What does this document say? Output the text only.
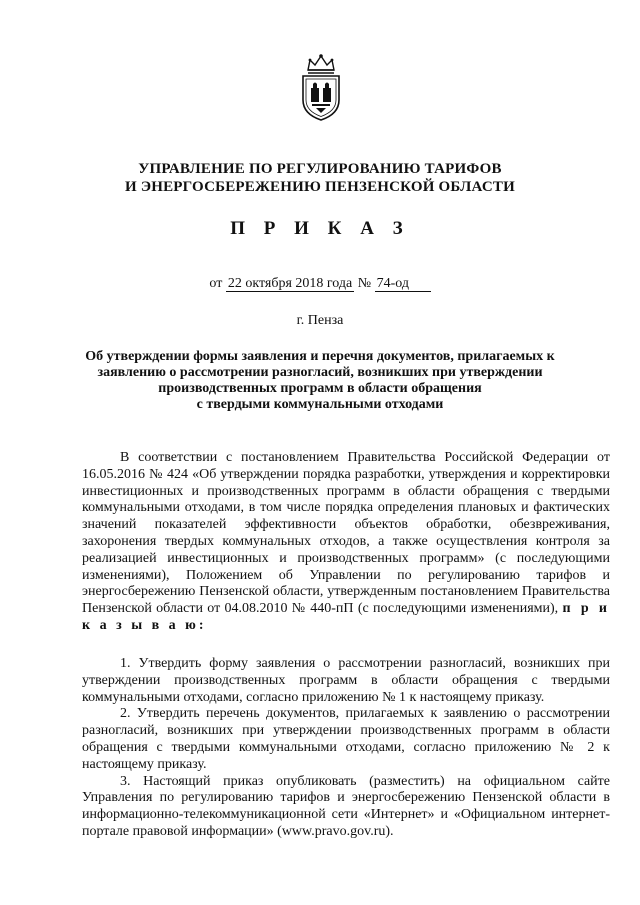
УПРАВЛЕНИЕ ПО РЕГУЛИРОВАНИЮ ТАРИФОВ
И ЭНЕРГОСБЕРЕЖЕНИЮ ПЕНЗЕНСКОЙ ОБЛАСТИ
П Р И К А З
от 22 октября 2018 года № 74-од
г. Пенза
Об утверждении формы заявления и перечня документов, прилагаемых к
заявлению о рассмотрении разногласий, возникших при утверждении
производственных программ в области обращения
с твердыми коммунальными отходами

В соответствии с постановлением Правительства Российской Федерации от 16.05.2016 № 424 «Об утверждении порядка разработки, утверждения и корректировки инвестиционных и производственных программ в области обращения с твердыми коммунальными отходами, в том числе порядка определения плановых и фактических значений показателей эффективности объектов обработки, обезвреживания, захоронения твердых коммунальных отходов, а также осуществления контроля за реализацией инвестиционных и производственных программ» (с последующими изменениями), Положением об Управлении по регулированию тарифов и энергосбережению Пензенской области, утвержденным постановлением Правительства Пензенской области от 04.08.2010 № 440-пП (с последующими изменениями), п р и к а з ы в а ю:

1. Утвердить форму заявления о рассмотрении разногласий, возникших при утверждении производственных программ в области обращения с твердыми коммунальными отходами, согласно приложению № 1 к настоящему приказу.

2. Утвердить перечень документов, прилагаемых к заявлению о рассмотрении разногласий, возникших при утверждении производственных программ в области обращения с твердыми коммунальными отходами, согласно приложению № 2 к настоящему приказу.

3. Настоящий приказ опубликовать (разместить) на официальном сайте Управления по регулированию тарифов и энергосбережению Пензенской области в информационно-телекоммуникационной сети «Интернет» и «Официальном интернет-портале правовой информации» (www.pravo.gov.ru).
